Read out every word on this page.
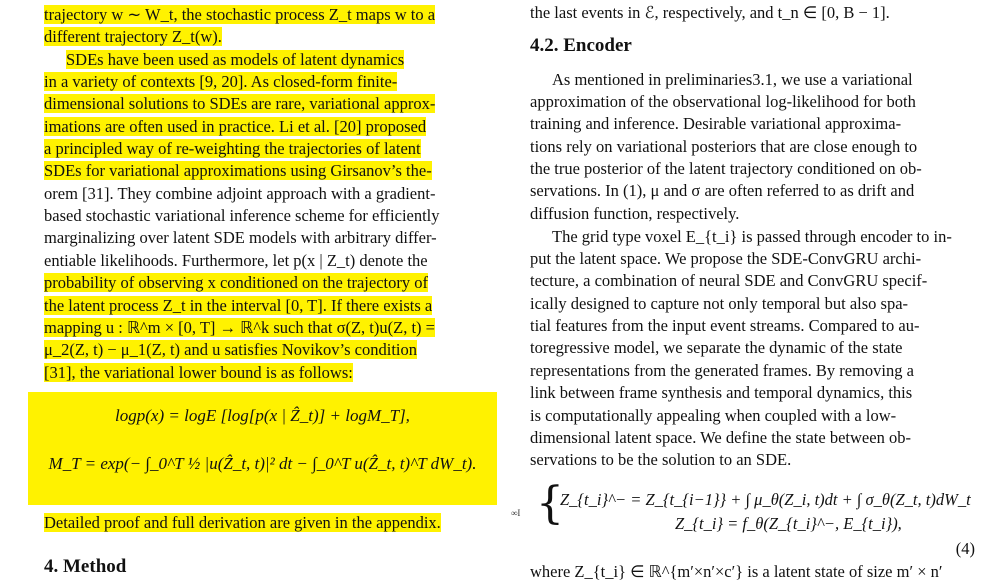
trajectory w ∼ W_t, the stochastic process Z_t maps w to a
different trajectory Z_t(w).
SDEs have been used as models of latent dynamics
in a variety of contexts [9, 20]. As closed-form finite-
dimensional solutions to SDEs are rare, variational approx-
imations are often used in practice. Li et al. [20] proposed
a principled way of re-weighting the trajectories of latent
SDEs for variational approximations using Girsanov’s the-
orem [31]. They combine adjoint approach with a gradient-
based stochastic variational inference scheme for efficiently
marginalizing over latent SDE models with arbitrary differ-
entiable likelihoods. Furthermore, let p(x | Z_t) denote the
probability of observing x conditioned on the trajectory of
the latent process Z_t in the interval [0, T]. If there exists a
mapping u : ℝ^m × [0, T] → ℝ^k such that σ(Z, t)u(Z, t) =
μ_2(Z, t) − μ_1(Z, t) and u satisfies Novikov’s condition
[31], the variational lower bound is as follows:
logp(x) = logE [log[p(x | Ẑ_t)] + logM_T],
M_T = exp(− ∫_0^T ½ |u(Ẑ_t, t)|² dt − ∫_0^T u(Ẑ_t, t)^T dW_t).
Detailed proof and full derivation are given in the appendix.
4. Method
the last events in ℰ, respectively, and t_n ∈ [0, B − 1].
4.2. Encoder
As mentioned in preliminaries3.1, we use a variational
approximation of the observational log-likelihood for both
training and inference. Desirable variational approxima-
tions rely on variational posteriors that are close enough to
the true posterior of the latent trajectory conditioned on ob-
servations. In (1), μ and σ are often referred to as drift and
diffusion function, respectively.
The grid type voxel E_{t_i} is passed through encoder to in-
put the latent space. We propose the SDE-ConvGRU archi-
tecture, a combination of neural SDE and ConvGRU specif-
ically designed to capture not only temporal but also spa-
tial features from the input event streams. Compared to au-
toregressive model, we separate the dynamic of the state
representations from the generated frames. By removing a
link between frame synthesis and temporal dynamics, this
is computationally appealing when coupled with a low-
dimensional latent space. We define the state between ob-
servations to be the solution to an SDE.
{
Z_{t_i}^− = Z_{t_{i−1}} + ∫ μ_θ(Z_i, t)dt + ∫ σ_θ(Z_t, t)dW_t
Z_{t_i} = f_θ(Z_{t_i}^−, E_{t_i}),
(4)
where Z_{t_i} ∈ ℝ^{m′×n′×c′} is a latent state of size m′ × n′
∞I
